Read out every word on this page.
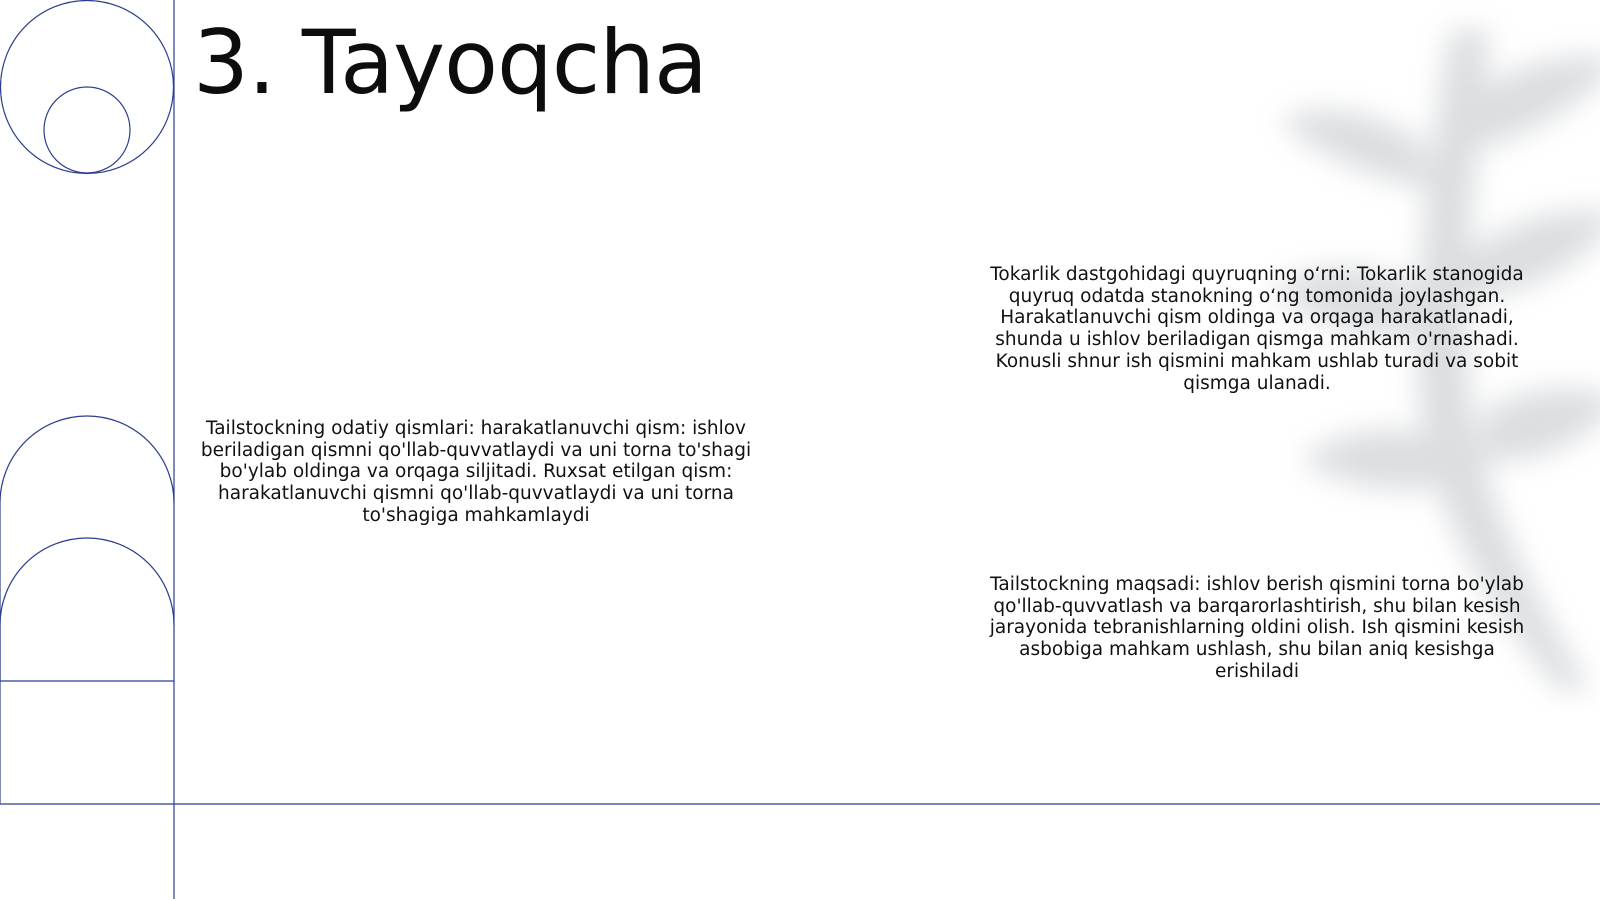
3. Tayoqcha

Tailstockning odatiy qismlari: harakatlanuvchi qism: ishlov beriladigan qismni qo'llab-quvvatlaydi va uni torna to'shagi bo'ylab oldinga va orqaga siljitadi. Ruxsat etilgan qism: harakatlanuvchi qismni qo'llab-quvvatlaydi va uni torna to'shagiga mahkamlaydi

Tokarlik dastgohidagi quyruqning o‘rni: Tokarlik stanogida quyruq odatda stanokning o‘ng tomonida joylashgan. Harakatlanuvchi qism oldinga va orqaga harakatlanadi, shunda u ishlov beriladigan qismga mahkam o'rnashadi. Konusli shnur ish qismini mahkam ushlab turadi va sobit qismga ulanadi.

Tailstockning maqsadi: ishlov berish qismini torna bo'ylab qo'llab-quvvatlash va barqarorlashtirish, shu bilan kesish jarayonida tebranishlarning oldini olish. Ish qismini kesish asbobiga mahkam ushlash, shu bilan aniq kesishga erishiladi
